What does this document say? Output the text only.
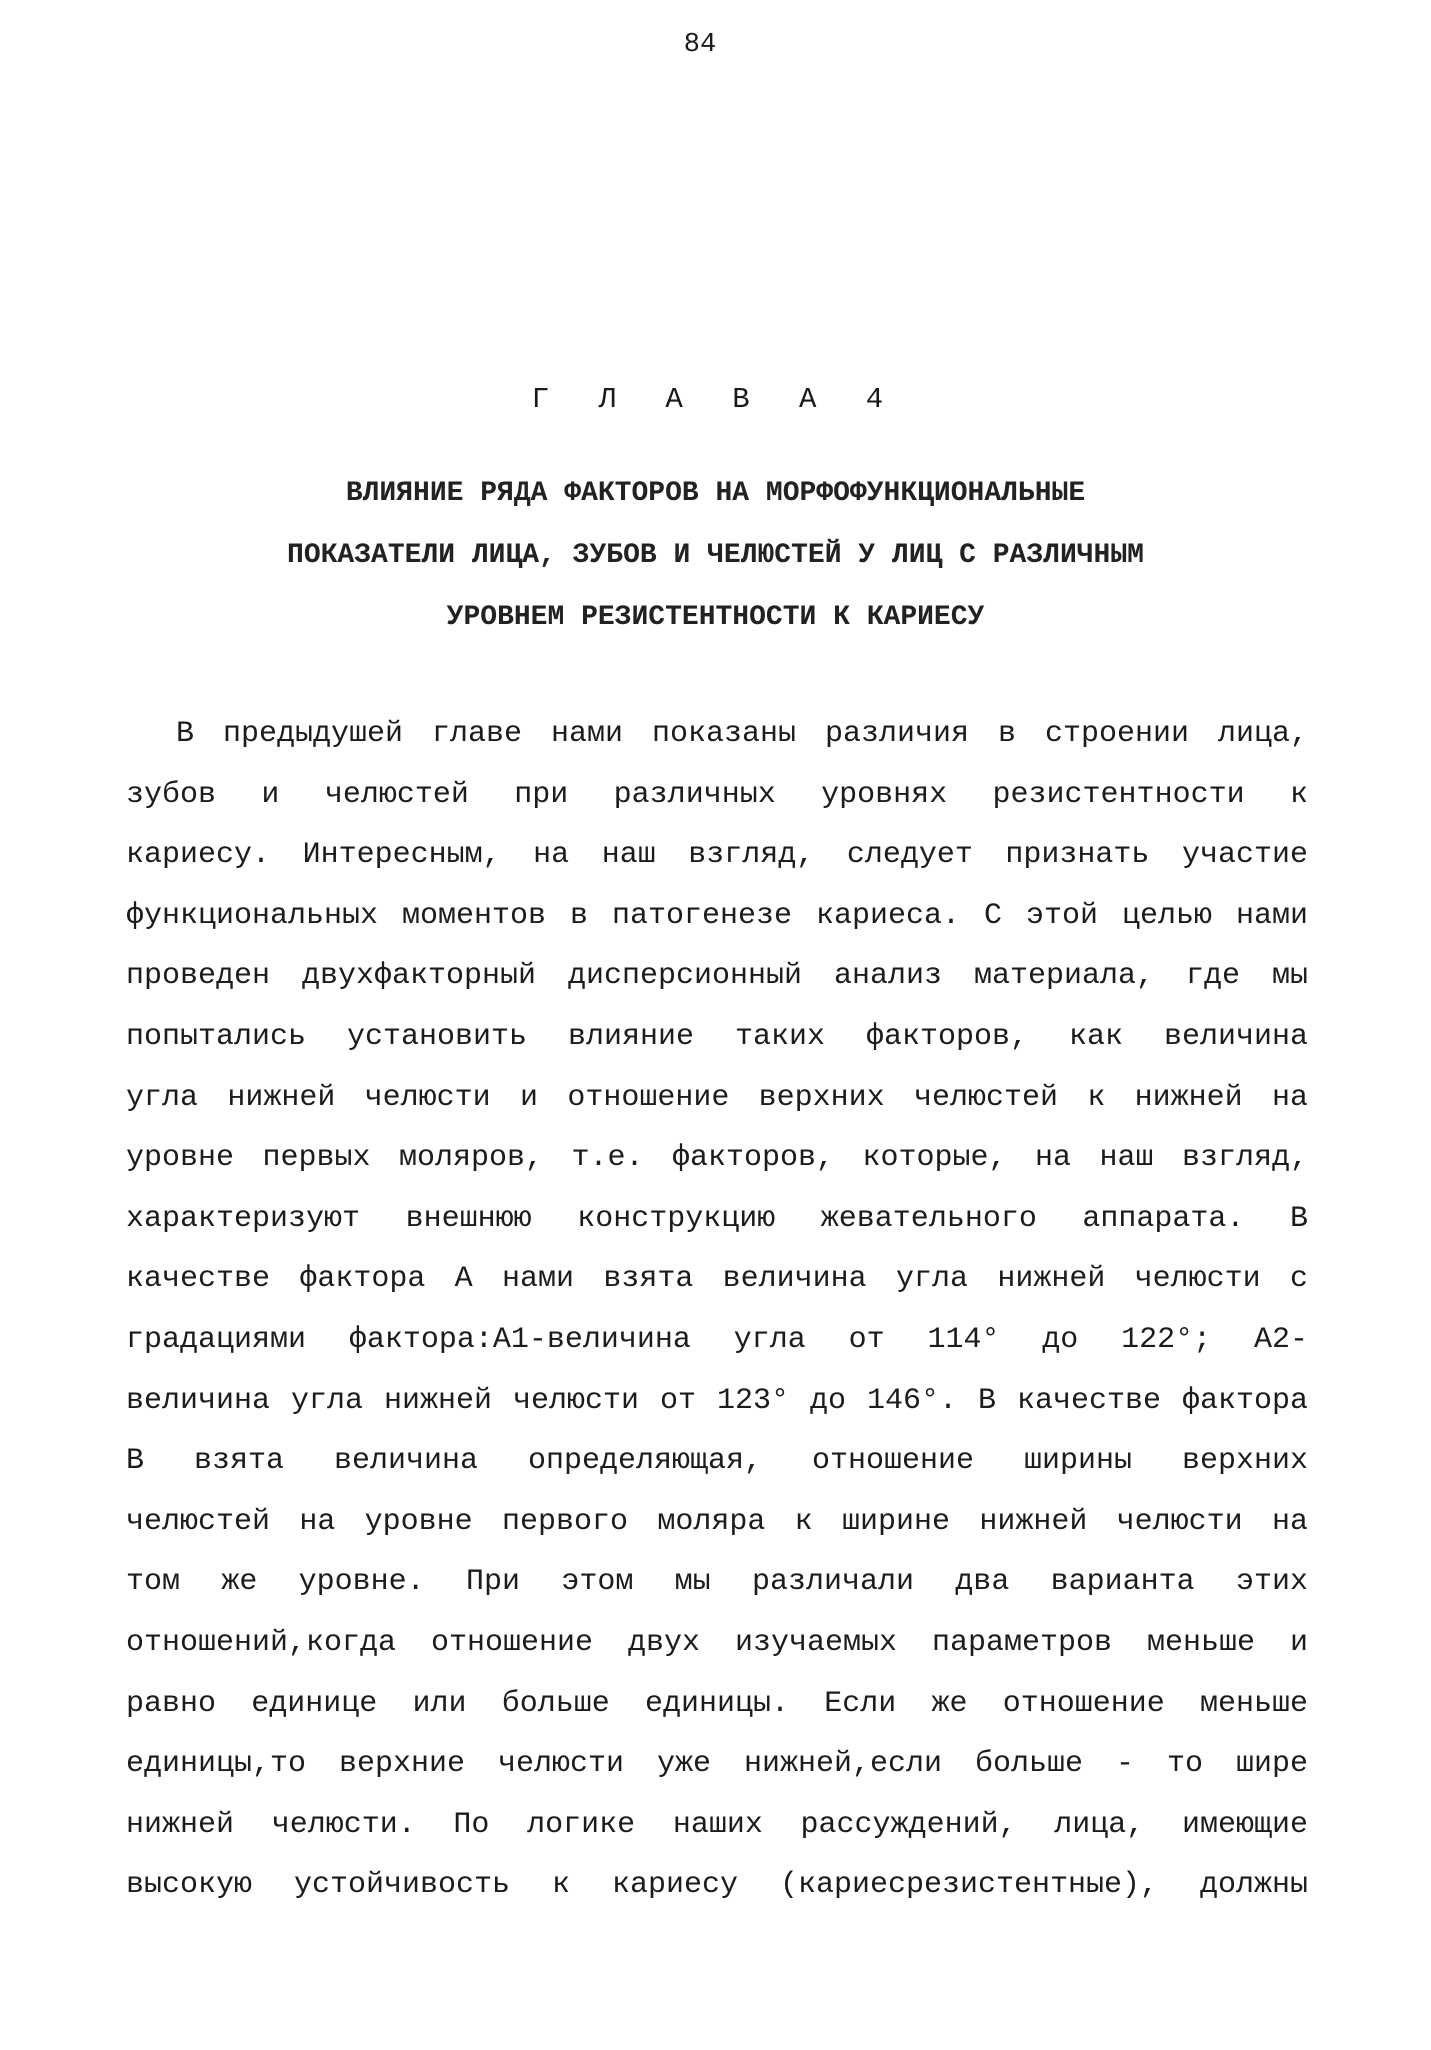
84
Г Л А В А 4
ВЛИЯНИЕ РЯДА ФАКТОРОВ НА МОРФОФУНКЦИОНАЛЬНЫЕ
ПОКАЗАТЕЛИ ЛИЦА, ЗУБОВ И ЧЕЛЮСТЕЙ У ЛИЦ С РАЗЛИЧНЫМ
УРОВНЕМ РЕЗИСТЕНТНОСТИ К КАРИЕСУ
В предыдушей главе нами показаны различия в строении лица,
зубов и челюстей при различных уровнях резистентности к
кариесу. Интересным, на наш взгляд, следует признать участие
функциональных моментов в патогенезе кариеса. С этой целью нами
проведен двухфакторный дисперсионный анализ материала, где мы
попытались установить влияние таких факторов, как величина
угла нижней челюсти и отношение верхних челюстей к нижней на
уровне первых моляров, т.е. факторов, которые, на наш взгляд,
характеризуют внешнюю конструкцию жевательного аппарата. В
качестве фактора А нами взята величина угла нижней челюсти с
градациями фактора:А1-величина угла от 114° до 122°; А2-
величина угла нижней челюсти от 123° до 146°. В качестве фактора
В взята величина определяющая, отношение ширины верхних
челюстей на уровне первого моляра к ширине нижней челюсти на
том же уровне. При этом мы различали два варианта этих
отношений,когда отношение двух изучаемых параметров меньше и
равно единице или больше единицы. Если же отношение меньше
единицы,то верхние челюсти уже нижней,если больше - то шире
нижней челюсти. По логике наших рассуждений, лица, имеющие
высокую устойчивость к кариесу (кариесрезистентные), должны
